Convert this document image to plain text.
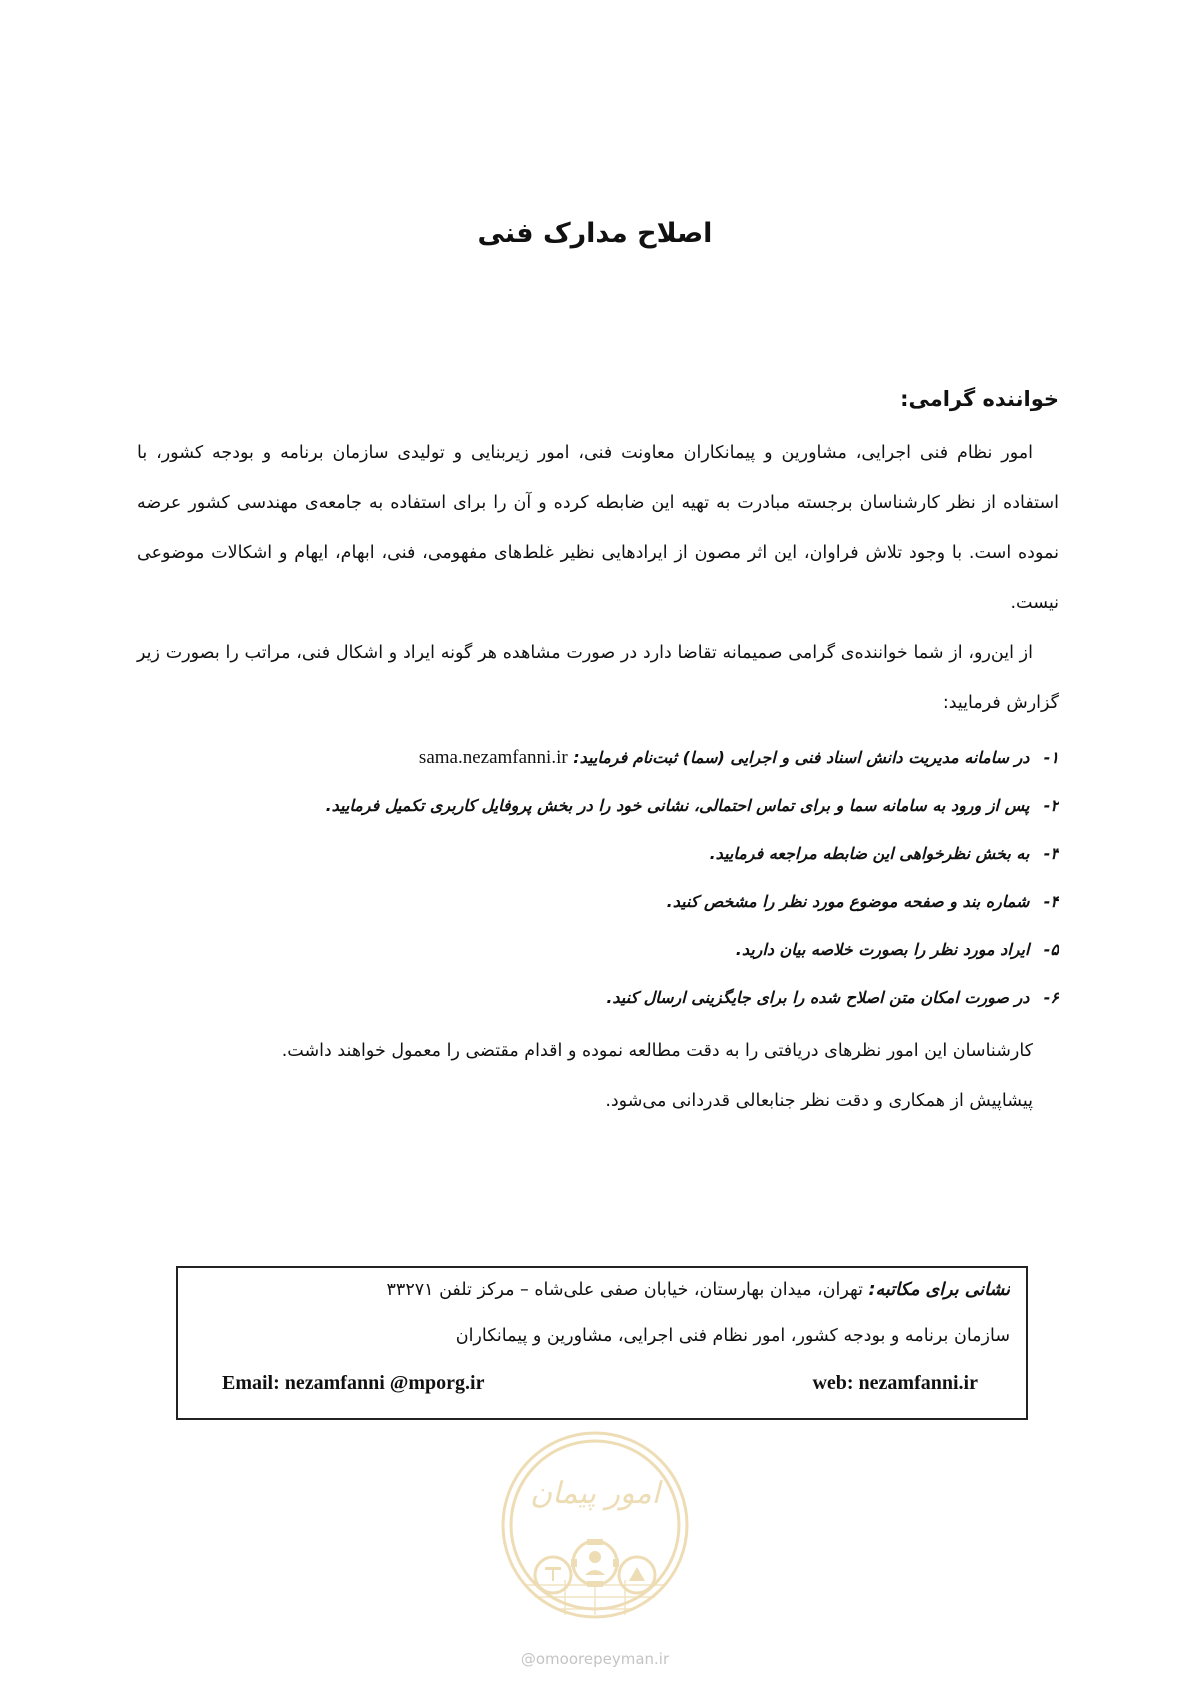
اصلاح مدارک فنی

خواننده گرامی:

امور نظام فنی اجرایی، مشاورین و پیمانکاران معاونت فنی، امور زیربنایی و تولیدی سازمان برنامه و بودجه کشور، با استفاده از نظر کارشناسان برجسته مبادرت به تهیه این ضابطه کرده و آن را برای استفاده به جامعه‌ی مهندسی کشور عرضه نموده است. با وجود تلاش فراوان، این اثر مصون از ایرادهایی نظیر غلط‌های مفهومی، فنی، ابهام، ایهام و اشکالات موضوعی نیست.

از این‌رو، از شما خواننده‌ی گرامی صمیمانه تقاضا دارد در صورت مشاهده هر گونه ایراد و اشکال فنی، مراتب را بصورت زیر گزارش فرمایید:

۱- در سامانه مدیریت دانش اسناد فنی و اجرایی (سما) ثبت‌نام فرمایید: sama.nezamfanni.ir
۲- پس از ورود به سامانه سما و برای تماس احتمالی، نشانی خود را در بخش پروفایل کاربری تکمیل فرمایید.
۳- به بخش نظرخواهی این ضابطه مراجعه فرمایید.
۴- شماره بند و صفحه موضوع مورد نظر را مشخص کنید.
۵- ایراد مورد نظر را بصورت خلاصه بیان دارید.
۶- در صورت امکان متن اصلاح شده را برای جایگزینی ارسال کنید.

کارشناسان این امور نظرهای دریافتی را به دقت مطالعه نموده و اقدام مقتضی را معمول خواهند داشت.

پیشاپیش از همکاری و دقت نظر جنابعالی قدردانی می‌شود.

نشانی برای مکاتبه: تهران، میدان بهارستان، خیابان صفی علی‌شاه – مرکز تلفن ۳۳۲۷۱
سازمان برنامه و بودجه کشور، امور نظام فنی اجرایی، مشاورین و پیمانکاران
Email: nezamfanni @mporg.ir	web: nezamfanni.ir
امور پیمان
@omoorepeyman.ir
